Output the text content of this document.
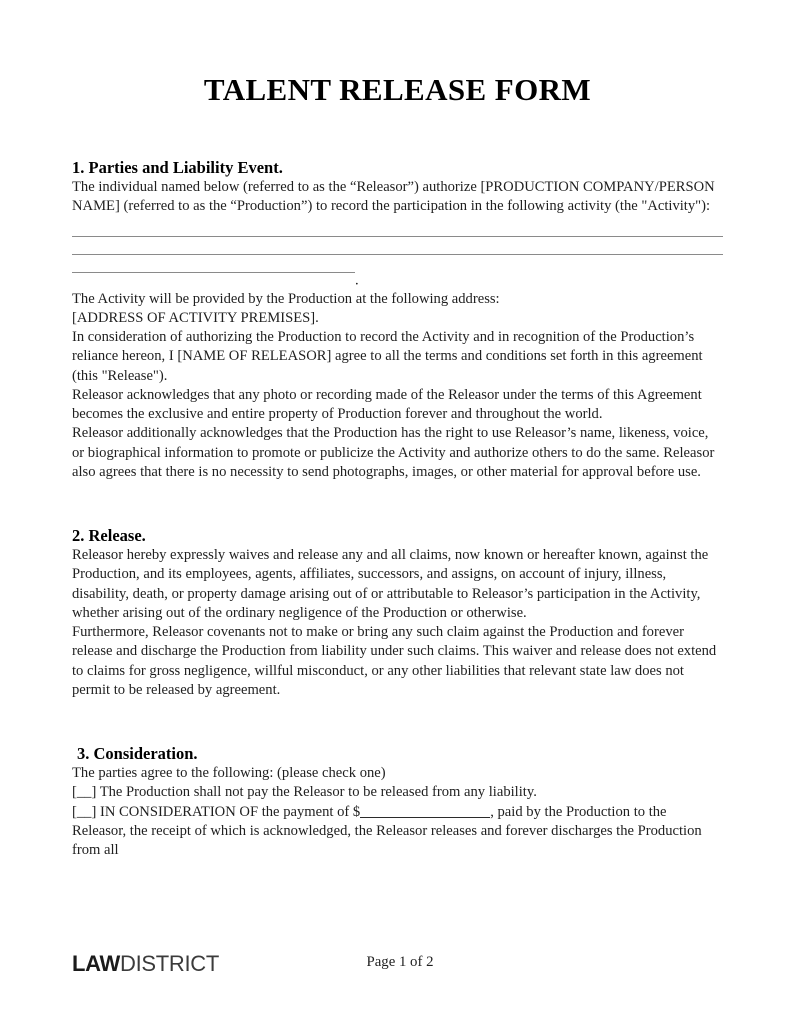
TALENT RELEASE FORM
1. Parties and Liability Event.

The individual named below (referred to as the “Releasor”) authorize [PRODUCTION COMPANY/PERSON NAME] (referred to as the “Production”) to record the participation in the following activity (the "Activity"):

.

The Activity will be provided by the Production at the following address:

[ADDRESS OF ACTIVITY PREMISES].

In consideration of authorizing the Production to record the Activity and in recognition of the Production’s reliance hereon, I [NAME OF RELEASOR] agree to all the terms and conditions set forth in this agreement (this "Release").

Releasor acknowledges that any photo or recording made of the Releasor under the terms of this Agreement becomes the exclusive and entire property of Production forever and throughout the world.

Releasor additionally acknowledges that the Production has the right to use Releasor’s name, likeness, voice, or biographical information to promote or publicize the Activity and authorize others to do the same. Releasor also agrees that there is no necessity to send photographs, images, or other material for approval before use.

2. Release.

Releasor hereby expressly waives and release any and all claims, now known or hereafter known, against the Production, and its employees, agents, affiliates, successors, and assigns, on account of injury, illness, disability, death, or property damage arising out of or attributable to Releasor’s participation in the Activity, whether arising out of the ordinary negligence of the Production or otherwise.

Furthermore, Releasor covenants not to make or bring any such claim against the Production and forever release and discharge the Production from liability under such claims. This waiver and release does not extend to claims for gross negligence, willful misconduct, or any other liabilities that relevant state law does not permit to be released by agreement.

3. Consideration.

The parties agree to the following: (please check one)

[__] The Production shall not pay the Releasor to be released from any liability.

[__] IN CONSIDERATION OF the payment of $	, paid by the Production to the Releasor, the receipt of which is acknowledged, the Releasor releases and forever discharges the Production from all

LAWDISTRICT	Page 1 of 2
